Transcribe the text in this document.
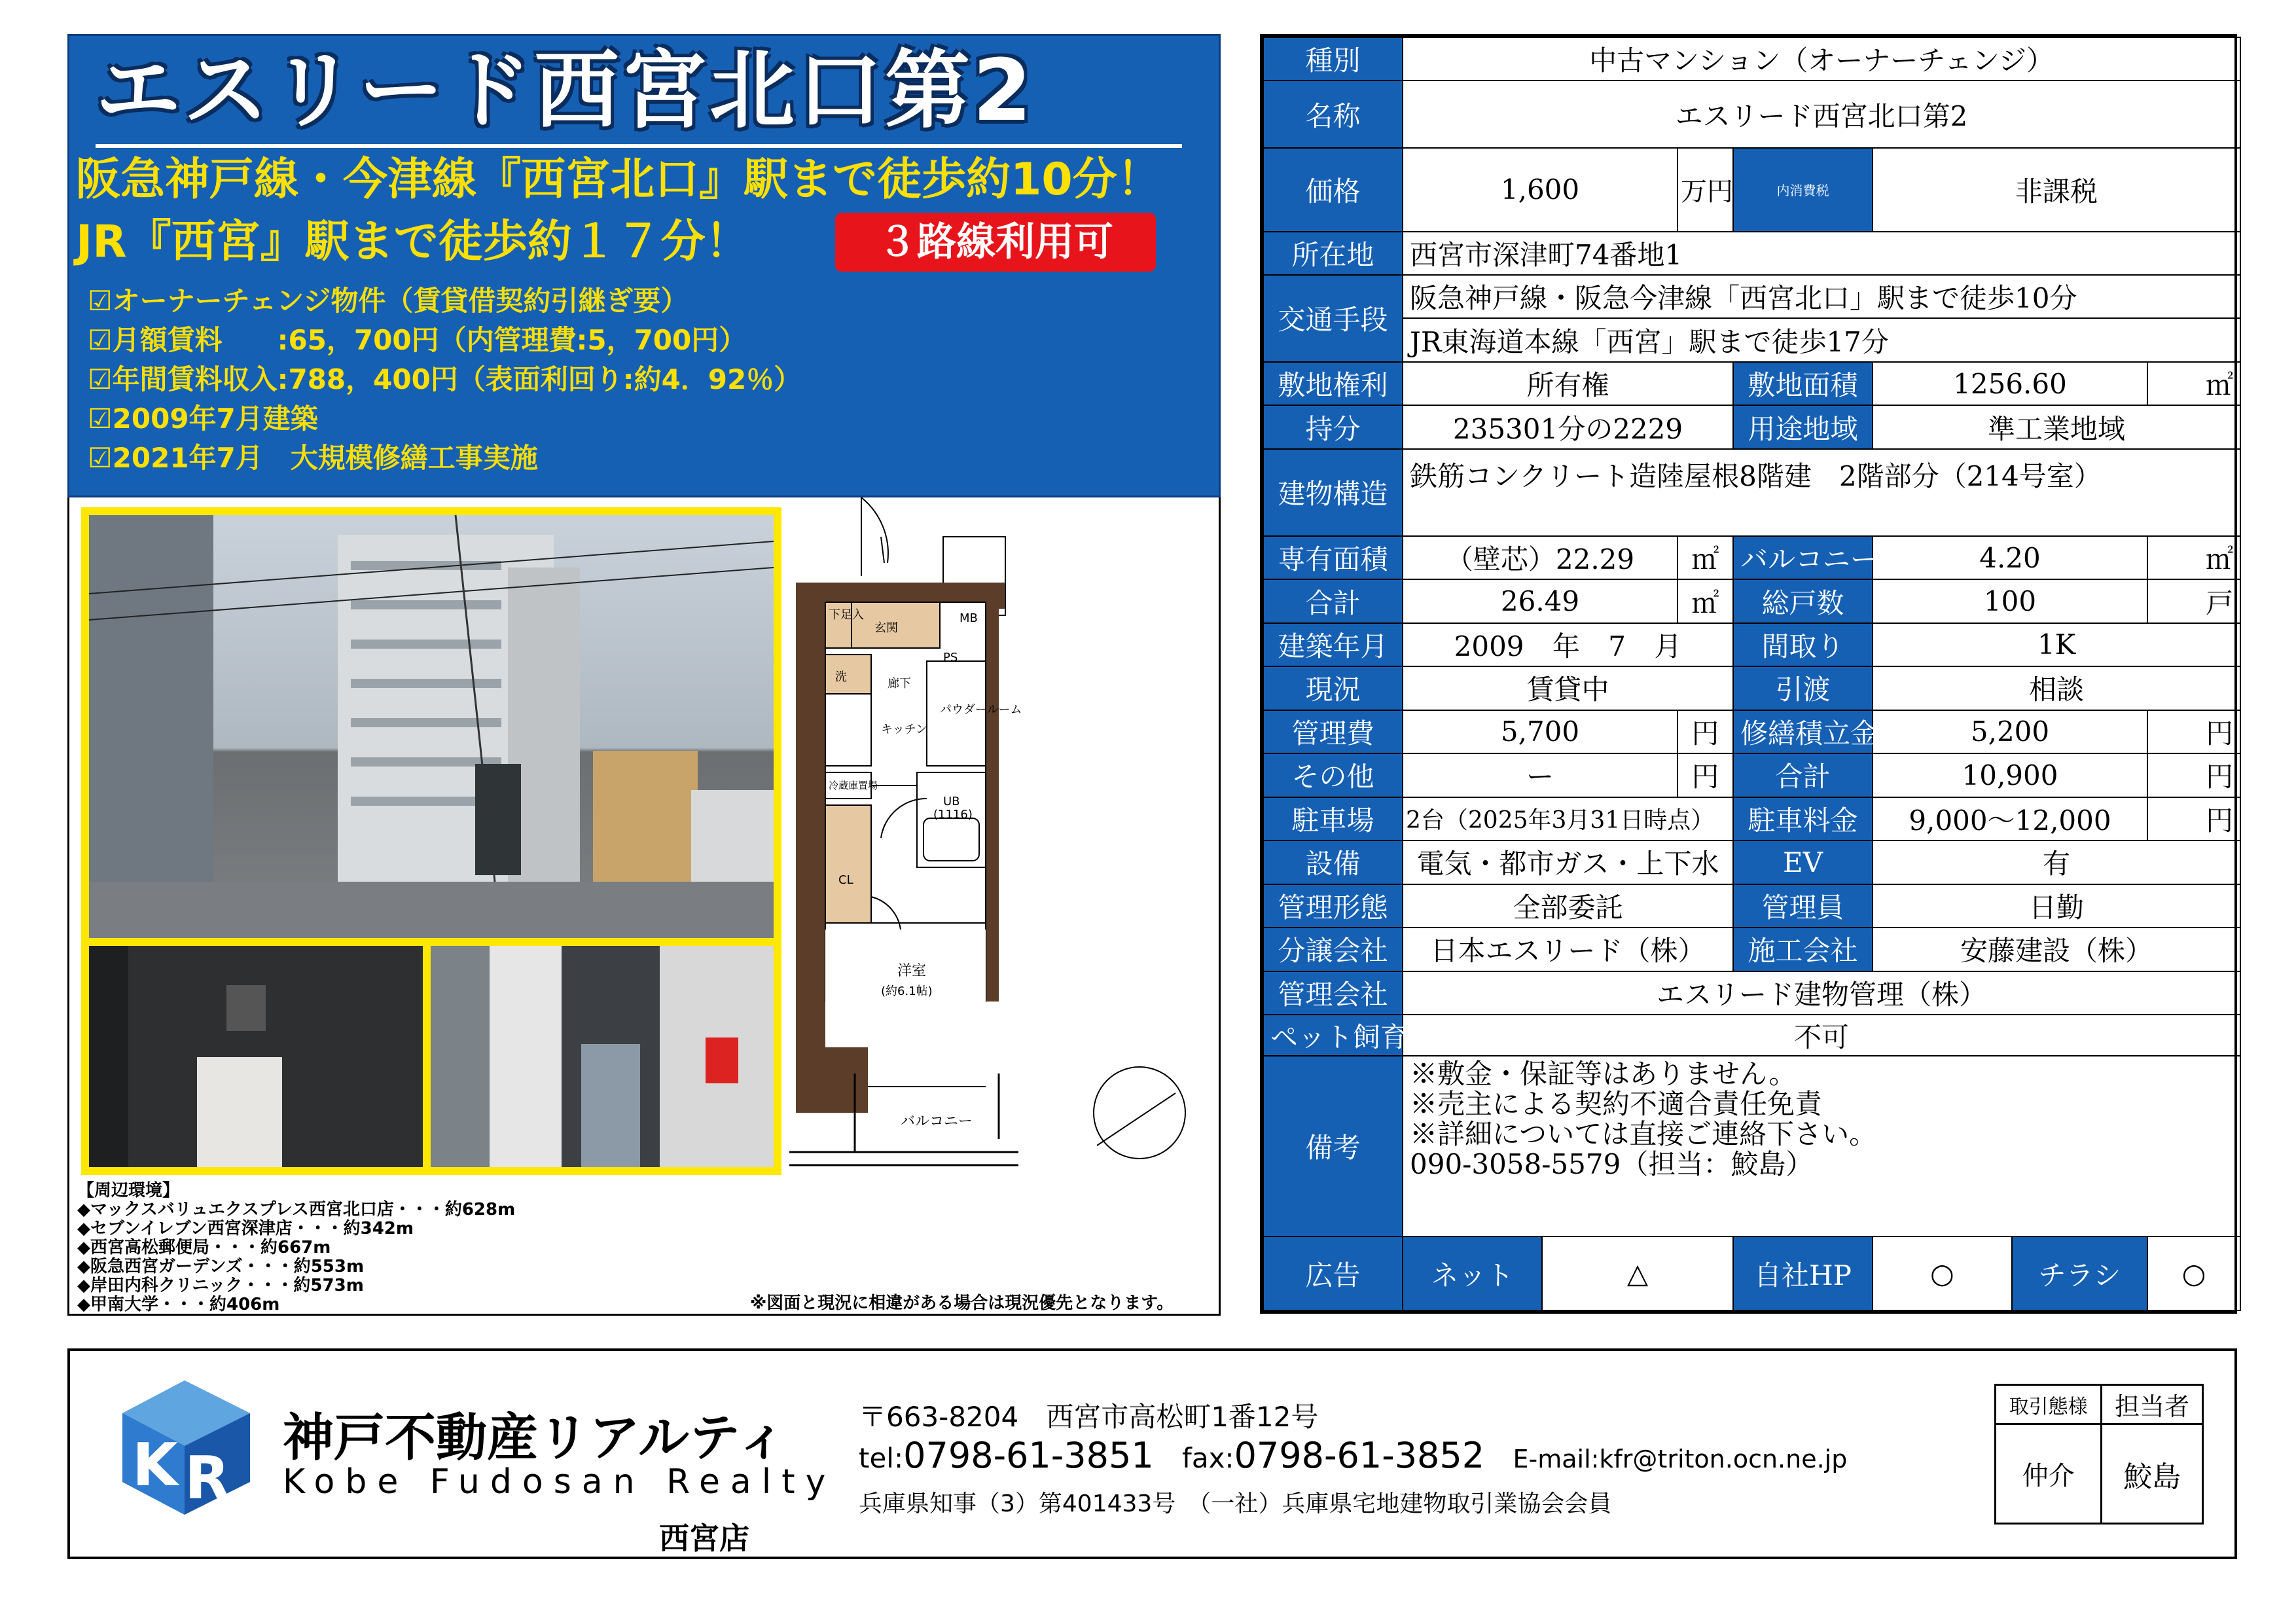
エスリード西宮北口第2
阪急神戸線・今津線『西宮北口』駅まで徒歩約10分！
JR『西宮』駅まで徒歩約１７分！	３路線利用可
☑オーナーチェンジ物件（賃貸借契約引継ぎ要）
☑月額賃料　　:65，700円（内管理費:5，700円）
☑年間賃料収入:788，400円（表面利回り:約4．92％）
☑2009年7月建築
☑2021年7月　大規模修繕工事実施
下足入
玄関
MB
PS
洗	廊下
パウダールーム
キッチン
冷蔵庫置場
UB
(1116)
CL
洋室
(約6.1帖)
バルコニー
【周辺環境】
◆マックスバリュエクスプレス西宮北口店・・・約628m
◆セブンイレブン西宮深津店・・・約342m
◆西宮高松郵便局・・・約667m
◆阪急西宮ガーデンズ・・・約553m
◆岸田内科クリニック・・・約573m
◆甲南大学・・・約406m	※図面と現況に相違がある場合は現況優先となります。
種別	中古マンション（オーナーチェンジ）						
名称	エスリード西宮北口第2						
価格	1,600		万円	内消費税	非課税		
所在地	西宮市深津町74番地1						
交通手段	阪急神戸線・阪急今津線「西宮北口」駅まで徒歩10分						
	JR東海道本線「西宮」駅まで徒歩17分						
敷地権利	所有権			敷地面積	1256.60		㎡
持分	235301分の2229			用途地域	準工業地域		
建物構造	鉄筋コンクリート造陸屋根8階建　2階部分（214号室）						
専有面積	（壁芯）22.29		㎡	バルコニー面積	4.20		㎡
合計	26.49		㎡	総戸数	100		戸
建築年月	2009 年 7 月			間取り	1K		
現況	賃貸中			引渡	相談		
管理費	5,700		円	修繕積立金	5,200		円
その他	ー		円	合計	10,900		円
駐車場	2台（2025年3月31日時点）			駐車料金	9,000～12,000		円
設備	電気・都市ガス・上下水			EV	有		
管理形態	全部委託			管理員	日勤		
分譲会社	日本エスリード（株）			施工会社	安藤建設（株）		
管理会社	エスリード建物管理（株）						
ペット飼育	不可						
備考	※敷金・保証等はありません。
※売主による契約不適合責任免責
※詳細については直接ご連絡下さい。
090-3058-5579（担当：鮫島）						

広告	ネット	△		自社HP	○	チラシ	○
K R
神戸不動産リアルティ
Kobe Fudosan Realty
西宮店
〒663-8204　西宮市高松町1番12号
tel:0798-61-3851 fax:0798-61-3852 E-mail:kfr@triton.ocn.ne.jp
兵庫県知事（3）第401433号　（一社）兵庫県宅地建物取引業協会会員
取引態様	担当者
仲介	鮫島
